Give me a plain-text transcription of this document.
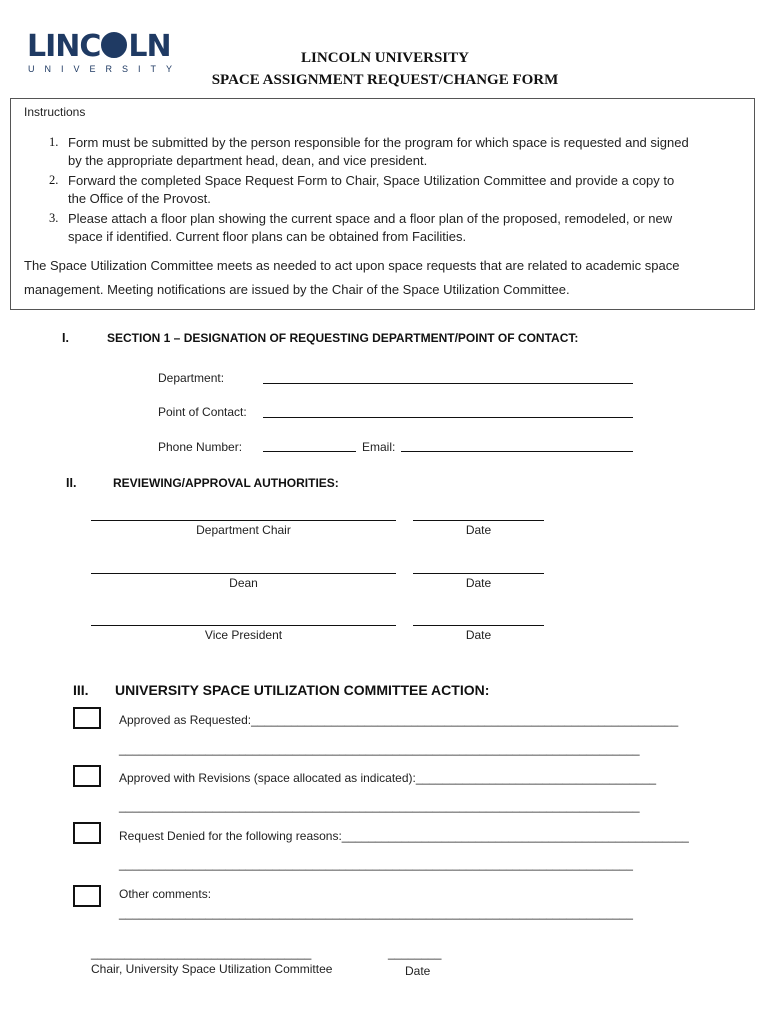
LINC LN
UNIVERSITY
LINCOLN UNIVERSITY
SPACE ASSIGNMENT REQUEST/CHANGE FORM
Instructions
1. Form must be submitted by the person responsible for the program for which space is requested and signed
by the appropriate department head, dean, and vice president.
2. Forward the completed Space Request Form to Chair, Space Utilization Committee and provide a copy to
the Office of the Provost.
3. Please attach a floor plan showing the current space and a floor plan of the proposed, remodeled, or new
space if identified. Current floor plans can be obtained from Facilities.
The Space Utilization Committee meets as needed to act upon space requests that are related to academic space
management. Meeting notifications are issued by the Chair of the Space Utilization Committee.
I.	SECTION 1 – DESIGNATION OF REQUESTING DEPARTMENT/POINT OF CONTACT:
Department:
Point of Contact:
Phone Number:	Email:
II.	REVIEWING/APPROVAL AUTHORITIES:
Department Chair	Date
Dean	Date
Vice President	Date
III. UNIVERSITY SPACE UTILIZATION COMMITTEE ACTION:
Approved as Requested:________________________________________________________________
______________________________________________________________________________
Approved with Revisions (space allocated as indicated):____________________________________
______________________________________________________________________________
Request Denied for the following reasons:____________________________________________________
_____________________________________________________________________________
Other comments:
_____________________________________________________________________________
_________________________________
Chair, University Space Utilization Committee
________
Date
